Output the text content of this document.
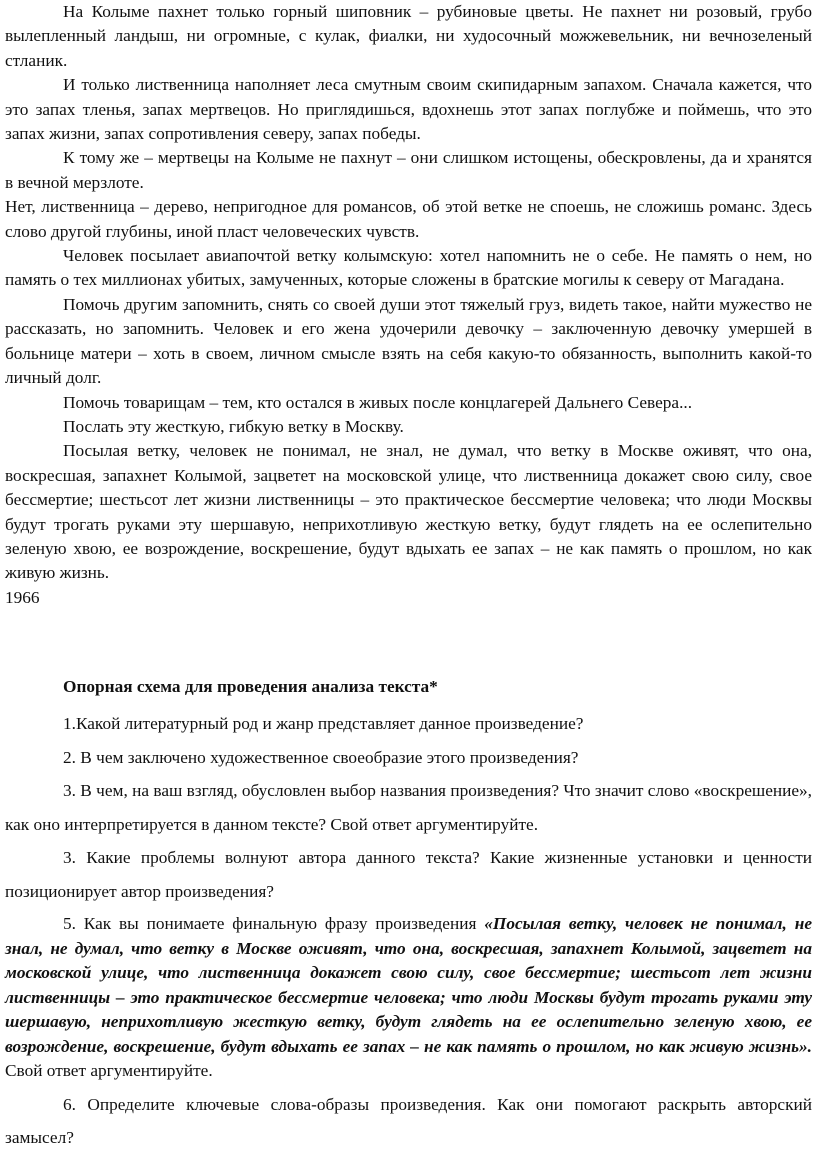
На Колыме пахнет только горный шиповник – рубиновые цветы. Не пахнет ни розовый, грубо вылепленный ландыш, ни огромные, с кулак, фиалки, ни худосочный можжевельник, ни вечнозеленый стланик.

И только лиственница наполняет леса смутным своим скипидарным запахом. Сначала кажется, что это запах тленья, запах мертвецов. Но приглядишься, вдохнешь этот запах поглубже и поймешь, что это запах жизни, запах сопротивления северу, запах победы.

К тому же – мертвецы на Колыме не пахнут – они слишком истощены, обескровлены, да и хранятся в вечной мерзлоте.

Нет, лиственница – дерево, непригодное для романсов, об этой ветке не споешь, не сложишь романс. Здесь слово другой глубины, иной пласт человеческих чувств.

Человек посылает авиапочтой ветку колымскую: хотел напомнить не о себе. Не память о нем, но память о тех миллионах убитых, замученных, которые сложены в братские могилы к северу от Магадана.

Помочь другим запомнить, снять со своей души этот тяжелый груз, видеть такое, найти мужество не рассказать, но запомнить. Человек и его жена удочерили девочку – заключенную девочку умершей в больнице матери – хоть в своем, личном смысле взять на себя какую-то обязанность, выполнить какой-то личный долг.

Помочь товарищам – тем, кто остался в живых после концлагерей Дальнего Севера...

Послать эту жесткую, гибкую ветку в Москву.

Посылая ветку, человек не понимал, не знал, не думал, что ветку в Москве оживят, что она, воскресшая, запахнет Колымой, зацветет на московской улице, что лиственница докажет свою силу, свое бессмертие; шестьсот лет жизни лиственницы – это практическое бессмертие человека; что люди Москвы будут трогать руками эту шершавую, неприхотливую жесткую ветку, будут глядеть на ее ослепительно зеленую хвою, ее возрождение, воскрешение, будут вдыхать ее запах – не как память о прошлом, но как живую жизнь.

1966
Опорная схема для проведения анализа текста*

1.Какой литературный род и жанр представляет данное произведение?

2. В чем заключено художественное своеобразие этого произведения?

3. В чем, на ваш взгляд, обусловлен выбор названия произведения? Что значит слово «воскрешение», как оно интерпретируется в данном тексте? Свой ответ аргументируйте.

3. Какие проблемы волнуют автора данного текста? Какие жизненные установки и ценности позиционирует автор произведения?

5. Как вы понимаете финальную фразу произведения «Посылая ветку, человек не понимал, не знал, не думал, что ветку в Москве оживят, что она, воскресшая, запахнет Колымой, зацветет на московской улице, что лиственница докажет свою силу, свое бессмертие; шестьсот лет жизни лиственницы – это практическое бессмертие человека; что люди Москвы будут трогать руками эту шершавую, неприхотливую жесткую ветку, будут глядеть на ее ослепительно зеленую хвою, ее возрождение, воскрешение, будут вдыхать ее запах – не как память о прошлом, но как живую жизнь». Свой ответ аргументируйте.

6. Определите ключевые слова-образы произведения. Как они помогают раскрыть авторский замысел?
